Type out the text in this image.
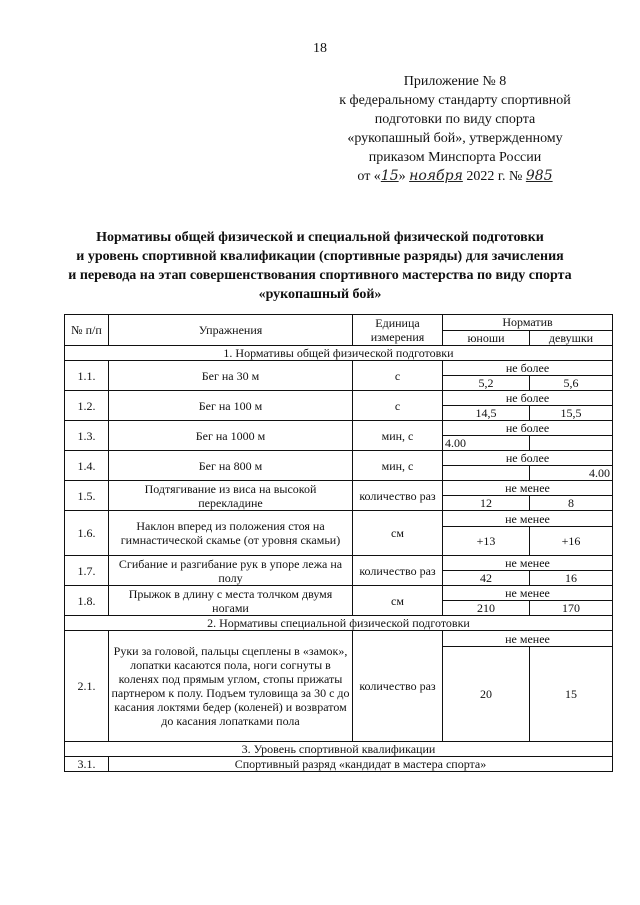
18
Приложение № 8
к федеральному стандарту спортивной
подготовки по виду спорта
«рукопашный бой», утвержденному
приказом Минспорта России
от «15» ноября 2022 г. № 985
Нормативы общей физической и специальной физической подготовки
и уровень спортивной квалификации (спортивные разряды) для зачисления
и перевода на этап совершенствования спортивного мастерства по виду спорта
«рукопашный бой»
№ п/п	Упражнения	Единица измерения	Норматив	
			юноши	девушки
1. Нормативы общей физической подготовки				
1.1.	Бег на 30 м	с	не более	
			5,2	5,6
1.2.	Бег на 100 м	с	не более	
			14,5	15,5
1.3.	Бег на 1000 м	мин, с	не более	
			4.00	
1.4.	Бег на 800 м	мин, с	не более	
				4.00
1.5.	Подтягивание из виса на высокой перекладине	количество раз	не менее	
			12	8
1.6.	Наклон вперед из положения стоя на гимнастической скамье (от уровня скамьи)	см	не менее	
			+13	+16
1.7.	Сгибание и разгибание рук в упоре лежа на полу	количество раз	не менее	
			42	16
1.8.	Прыжок в длину с места толчком двумя ногами	см	не менее	
			210	170
2. Нормативы специальной физической подготовки				
2.1.	Руки за головой, пальцы сцеплены в «замок», лопатки касаются пола, ноги согнуты в коленях под прямым углом, стопы прижаты партнером к полу. Подъем туловища за 30 с до касания локтями бедер (коленей) и возвратом до касания лопатками пола	количество раз	не менее	
			20	15
3. Уровень спортивной квалификации				
3.1.	Спортивный разряд «кандидат в мастера спорта»			
